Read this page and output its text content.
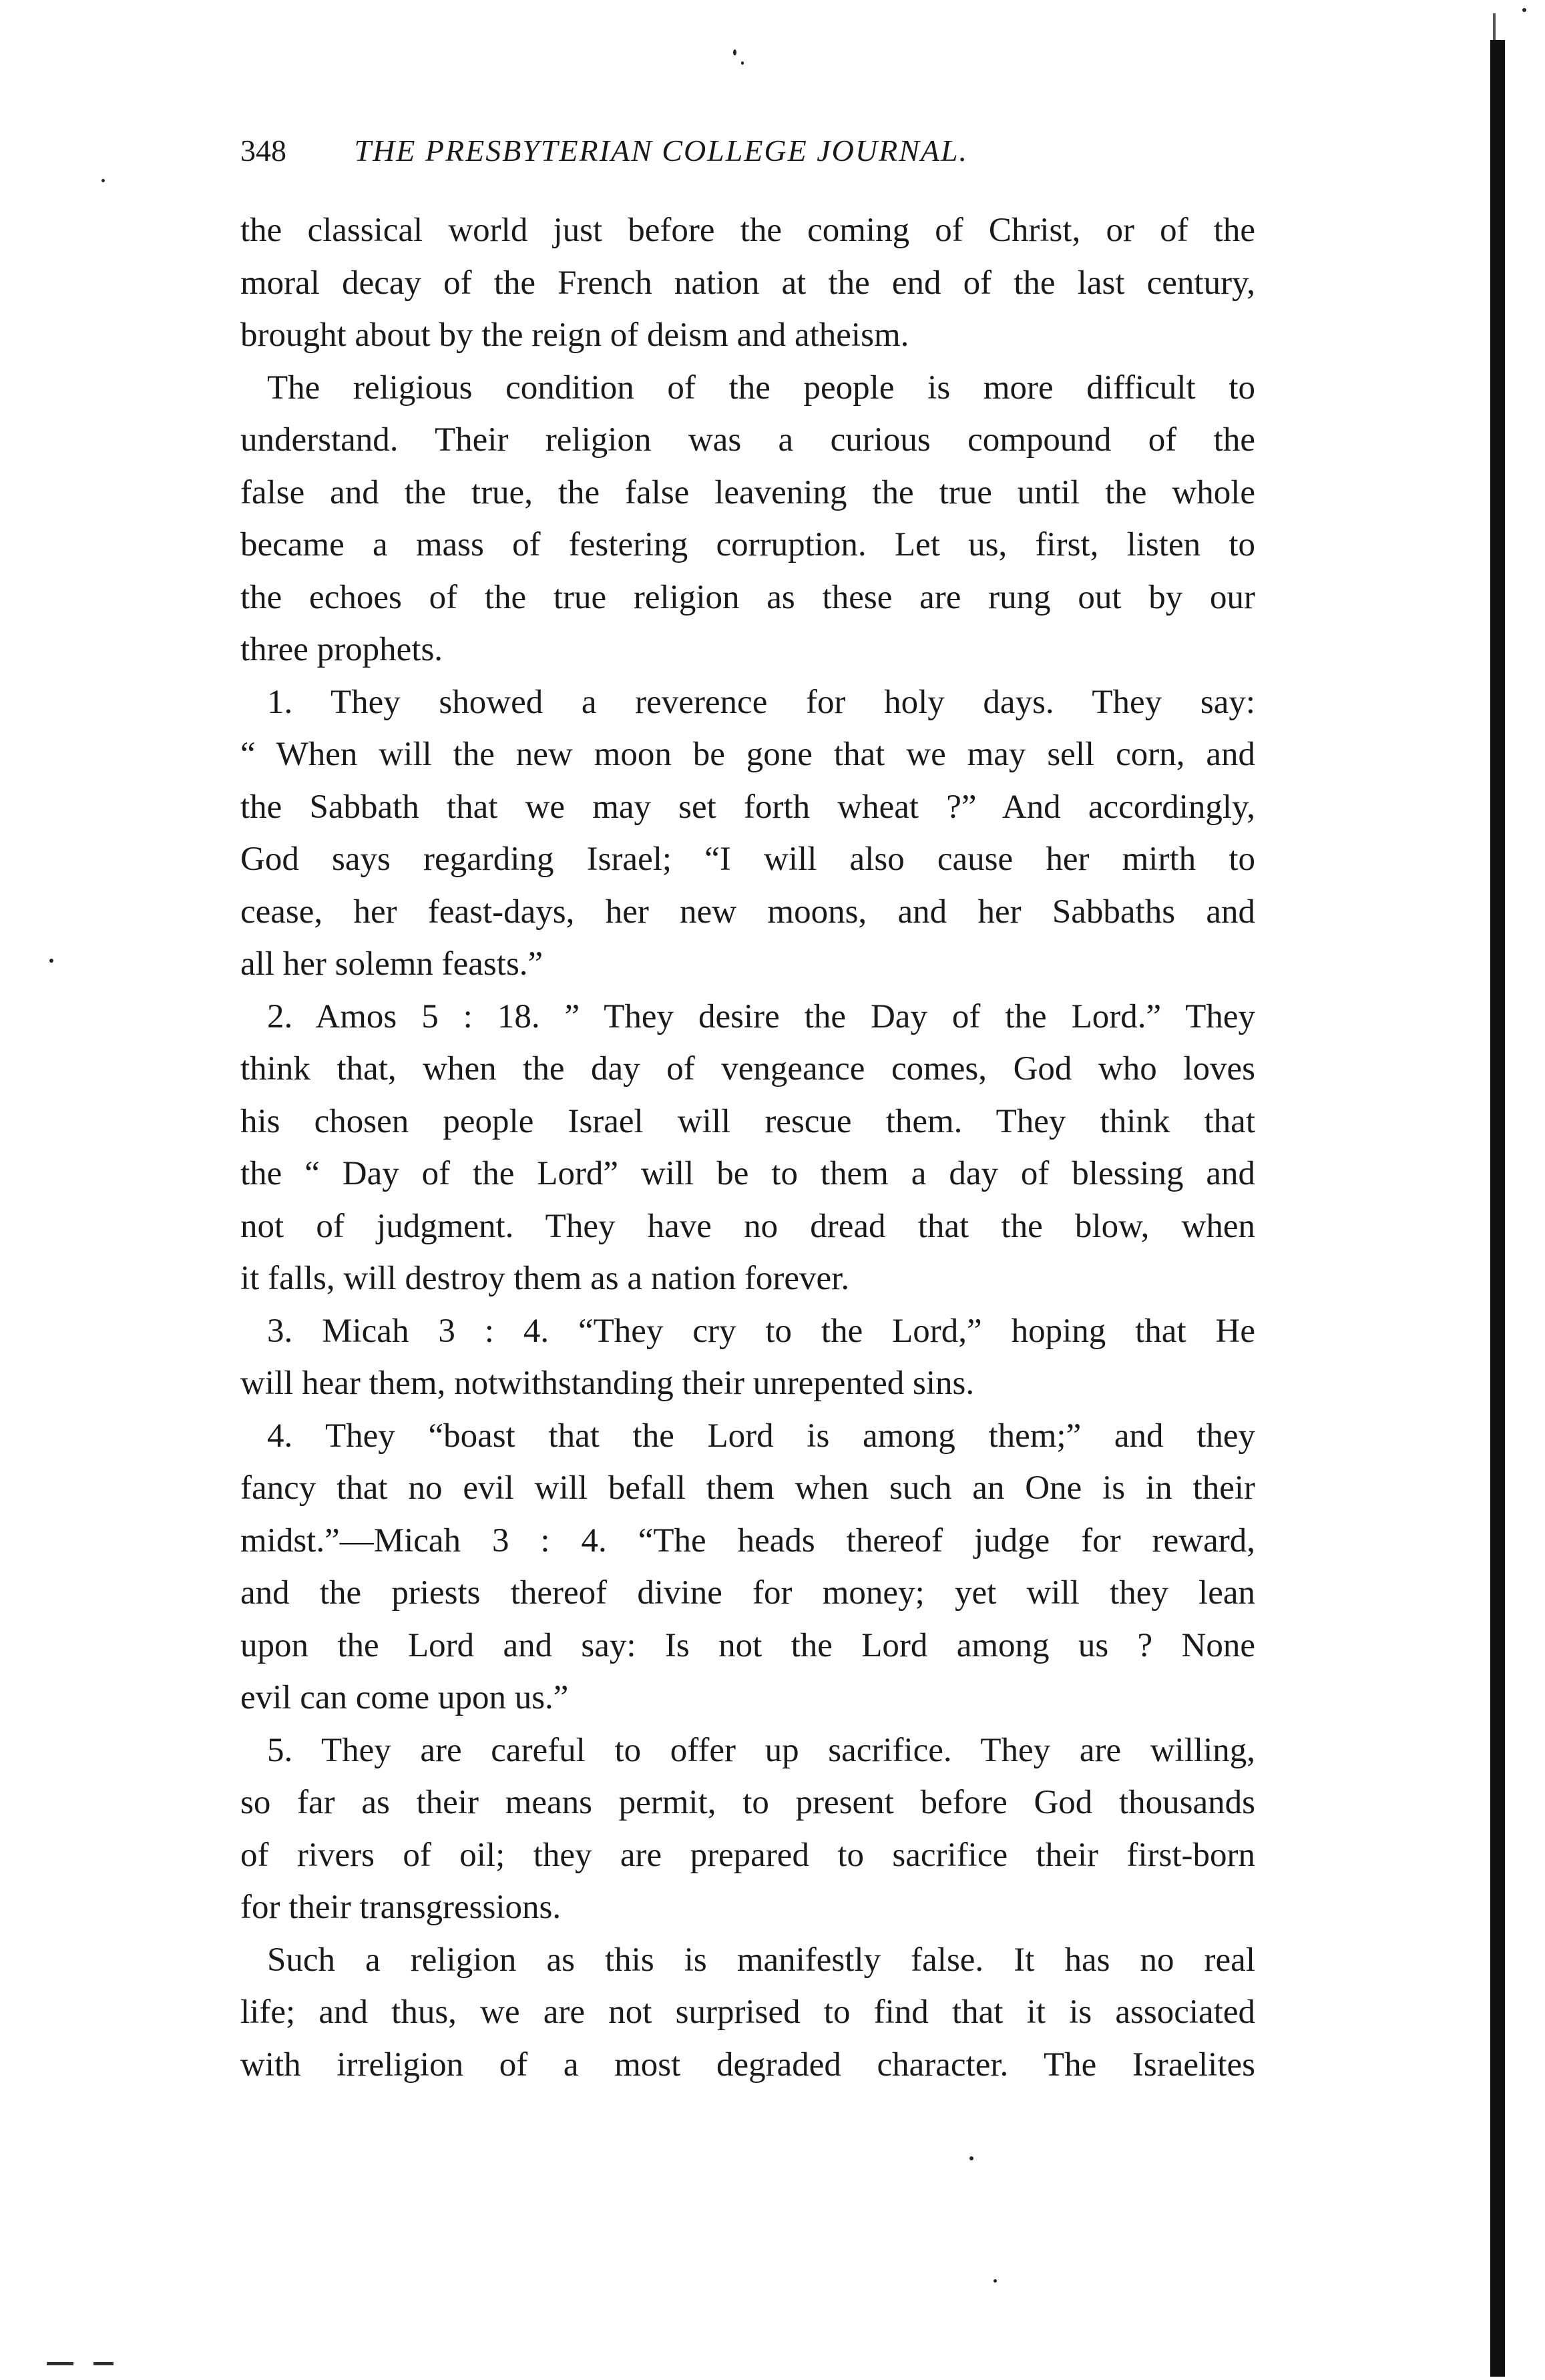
348 THE PRESBYTERIAN COLLEGE JOURNAL.
the classical world just before the coming of Christ, or of the
moral decay of the French nation at the end of the last century,
brought about by the reign of deism and atheism.
The religious condition of the people is more difficult to
understand. Their religion was a curious compound of the
false and the true, the false leavening the true until the whole
became a mass of festering corruption. Let us, first, listen to
the echoes of the true religion as these are rung out by our
three prophets.
1. They showed a reverence for holy days. They say:
“ When will the new moon be gone that we may sell corn, and
the Sabbath that we may set forth wheat ?” And accordingly,
God says regarding Israel; “I will also cause her mirth to
cease, her feast-days, her new moons, and her Sabbaths and
all her solemn feasts.”
2. Amos 5 : 18. ” They desire the Day of the Lord.” They
think that, when the day of vengeance comes, God who loves
his chosen people Israel will rescue them. They think that
the “ Day of the Lord” will be to them a day of blessing and
not of judgment. They have no dread that the blow, when
it falls, will destroy them as a nation forever.
3. Micah 3 : 4. “They cry to the Lord,” hoping that He
will hear them, notwithstanding their unrepented sins.
4. They “boast that the Lord is among them;” and they
fancy that no evil will befall them when such an One is in their
midst.”—Micah 3 : 4. “The heads thereof judge for reward,
and the priests thereof divine for money; yet will they lean
upon the Lord and say: Is not the Lord among us ? None
evil can come upon us.”
5. They are careful to offer up sacrifice. They are willing,
so far as their means permit, to present before God thousands
of rivers of oil; they are prepared to sacrifice their first-born
for their transgressions.
Such a religion as this is manifestly false. It has no real
life; and thus, we are not surprised to find that it is associated
with irreligion of a most degraded character. The Israelites
